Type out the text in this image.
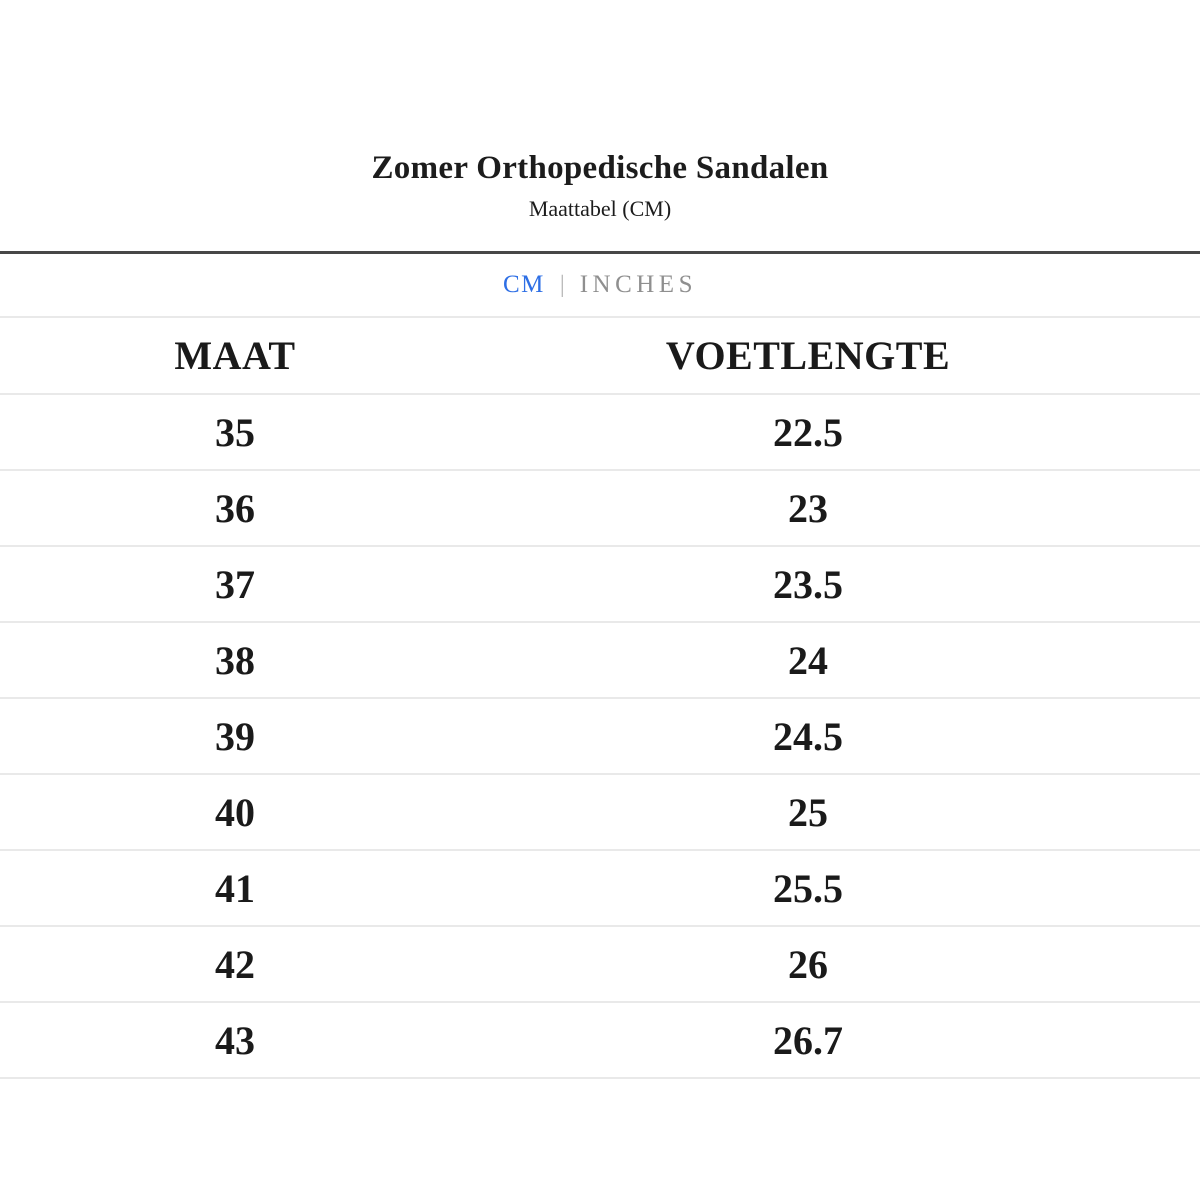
Zomer Orthopedische Sandalen
Maattabel (CM)
CM | INCHES
MAAT	VOETLENGTE
35	22.5
36	23
37	23.5
38	24
39	24.5
40	25
41	25.5
42	26
43	26.7
